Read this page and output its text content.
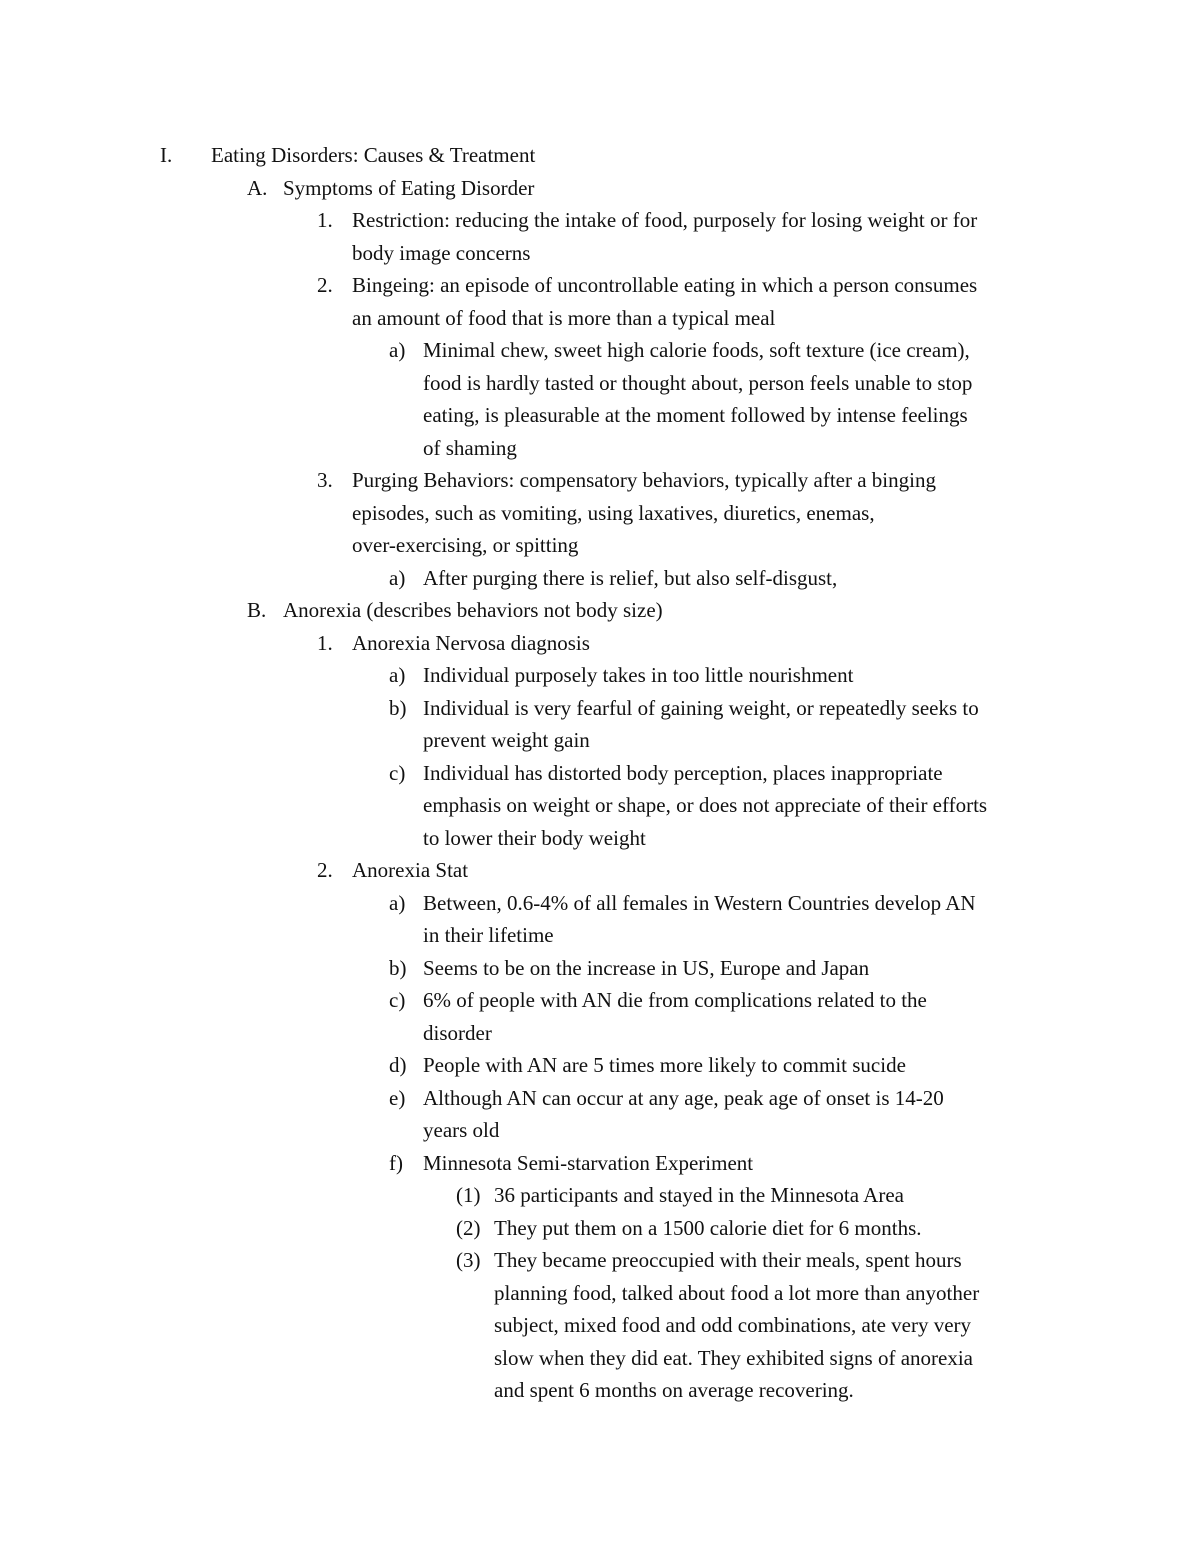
I. Eating Disorders: Causes & Treatment
A. Symptoms of Eating Disorder
1. Restriction: reducing the intake of food, purposely for losing weight or for
body image concerns
2. Bingeing: an episode of uncontrollable eating in which a person consumes
an amount of food that is more than a typical meal
a) Minimal chew, sweet high calorie foods, soft texture (ice cream),
food is hardly tasted or thought about, person feels unable to stop
eating, is pleasurable at the moment followed by intense feelings
of shaming
3. Purging Behaviors: compensatory behaviors, typically after a binging
episodes, such as vomiting, using laxatives, diuretics, enemas,
over-exercising, or spitting
a) After purging there is relief, but also self-disgust,
B. Anorexia (describes behaviors not body size)
1. Anorexia Nervosa diagnosis
a) Individual purposely takes in too little nourishment
b) Individual is very fearful of gaining weight, or repeatedly seeks to
prevent weight gain
c) Individual has distorted body perception, places inappropriate
emphasis on weight or shape, or does not appreciate of their efforts
to lower their body weight
2. Anorexia Stat
a) Between, 0.6-4% of all females in Western Countries develop AN
in their lifetime
b) Seems to be on the increase in US, Europe and Japan
c) 6% of people with AN die from complications related to the
disorder
d) People with AN are 5 times more likely to commit sucide
e) Although AN can occur at any age, peak age of onset is 14-20
years old
f) Minnesota Semi-starvation Experiment
(1) 36 participants and stayed in the Minnesota Area
(2) They put them on a 1500 calorie diet for 6 months.
(3) They became preoccupied with their meals, spent hours
planning food, talked about food a lot more than anyother
subject, mixed food and odd combinations, ate very very
slow when they did eat. They exhibited signs of anorexia
and spent 6 months on average recovering.
